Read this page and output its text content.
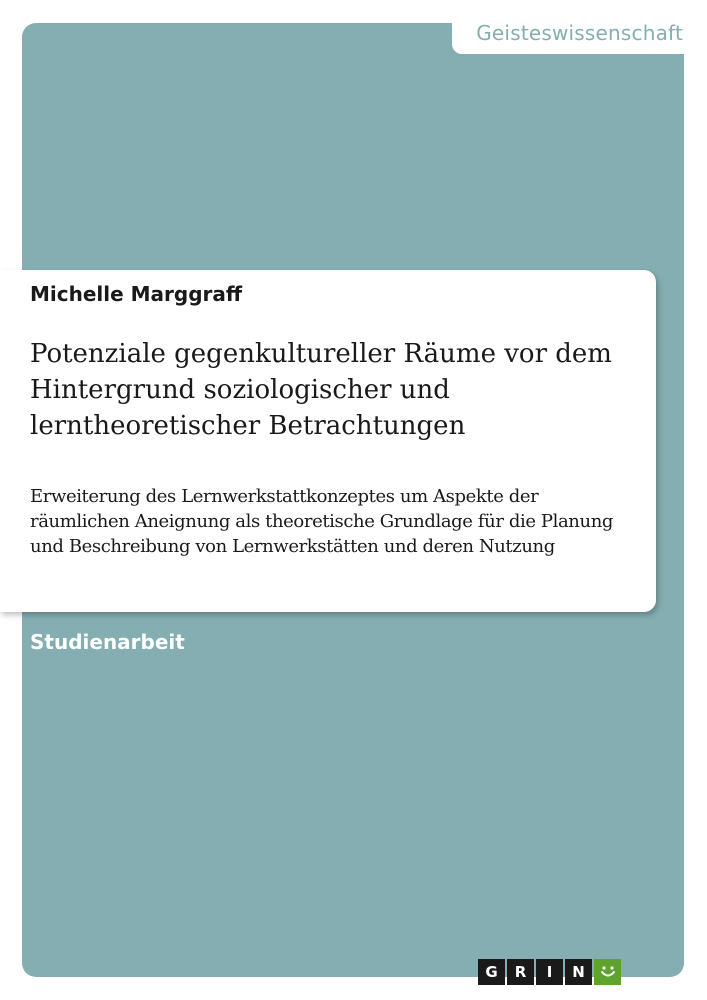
Geisteswissenschaft
Michelle Marggraff
Potenziale gegenkultureller Räume vor dem Hintergrund soziologischer und lerntheoretischer Betrachtungen

Erweiterung des Lernwerkstattkonzeptes um Aspekte der räumlichen Aneignung als theoretische Grundlage für die Planung und Beschreibung von Lernwerkstätten und deren Nutzung

Studienarbeit
G	R	I	N
